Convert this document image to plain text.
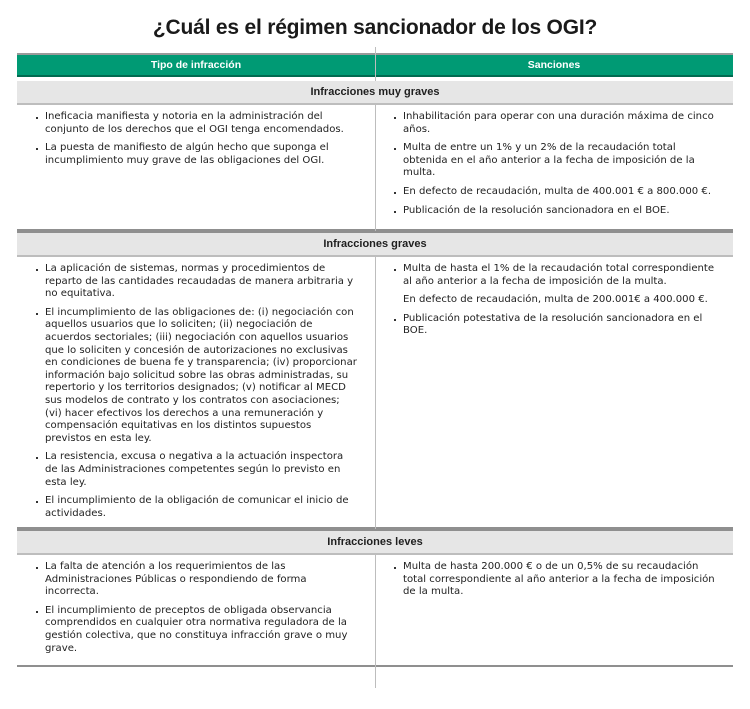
¿Cuál es el régimen sancionador de los OGI?
Tipo de infracción	Sanciones
Infracciones muy graves
Ineficacia manifiesta y notoria en la administración del conjunto de los derechos que el OGI tenga encomendados.
La puesta de manifiesto de algún hecho que suponga el incumplimiento muy grave de las obligaciones del OGI.
Inhabilitación para operar con una duración máxima de cinco años.
Multa de entre un 1% y un 2% de la recaudación total obtenida en el año anterior a la fecha de imposición de la multa.
En defecto de recaudación, multa de 400.001 € a 800.000 €.
Publicación de la resolución sancionadora en el BOE.
Infracciones graves
La aplicación de sistemas, normas y procedimientos de reparto de las cantidades recaudadas de manera arbitraria y no equitativa.
El incumplimiento de las obligaciones de: (i) negociación con aquellos usuarios que lo soliciten; (ii) negociación de acuerdos sectoriales; (iii) negociación con aquellos usuarios que lo soliciten y concesión de autorizaciones no exclusivas en condiciones de buena fe y transparencia; (iv) proporcionar información bajo solicitud sobre las obras administradas, su repertorio y los territorios designados; (v) notificar al MECD sus modelos de contrato y los contratos con asociaciones; (vi) hacer efectivos los derechos a una remuneración y compensación equitativas en los distintos supuestos previstos en esta ley.
La resistencia, excusa o negativa a la actuación inspectora de las Administraciones competentes según lo previsto en esta ley.
El incumplimiento de la obligación de comunicar el inicio de actividades.
Multa de hasta el 1% de la recaudación total correspondiente al año anterior a la fecha de imposición de la multa.
En defecto de recaudación, multa de 200.001€ a 400.000 €.
Publicación potestativa de la resolución sancionadora en el BOE.
Infracciones leves
La falta de atención a los requerimientos de las Administraciones Públicas o respondiendo de forma incorrecta.
El incumplimiento de preceptos de obligada observancia comprendidos en cualquier otra normativa reguladora de la gestión colectiva, que no constituya infracción grave o muy grave.
Multa de hasta 200.000 € o de un 0,5% de su recaudación total correspondiente al año anterior a la fecha de imposición de la multa.
